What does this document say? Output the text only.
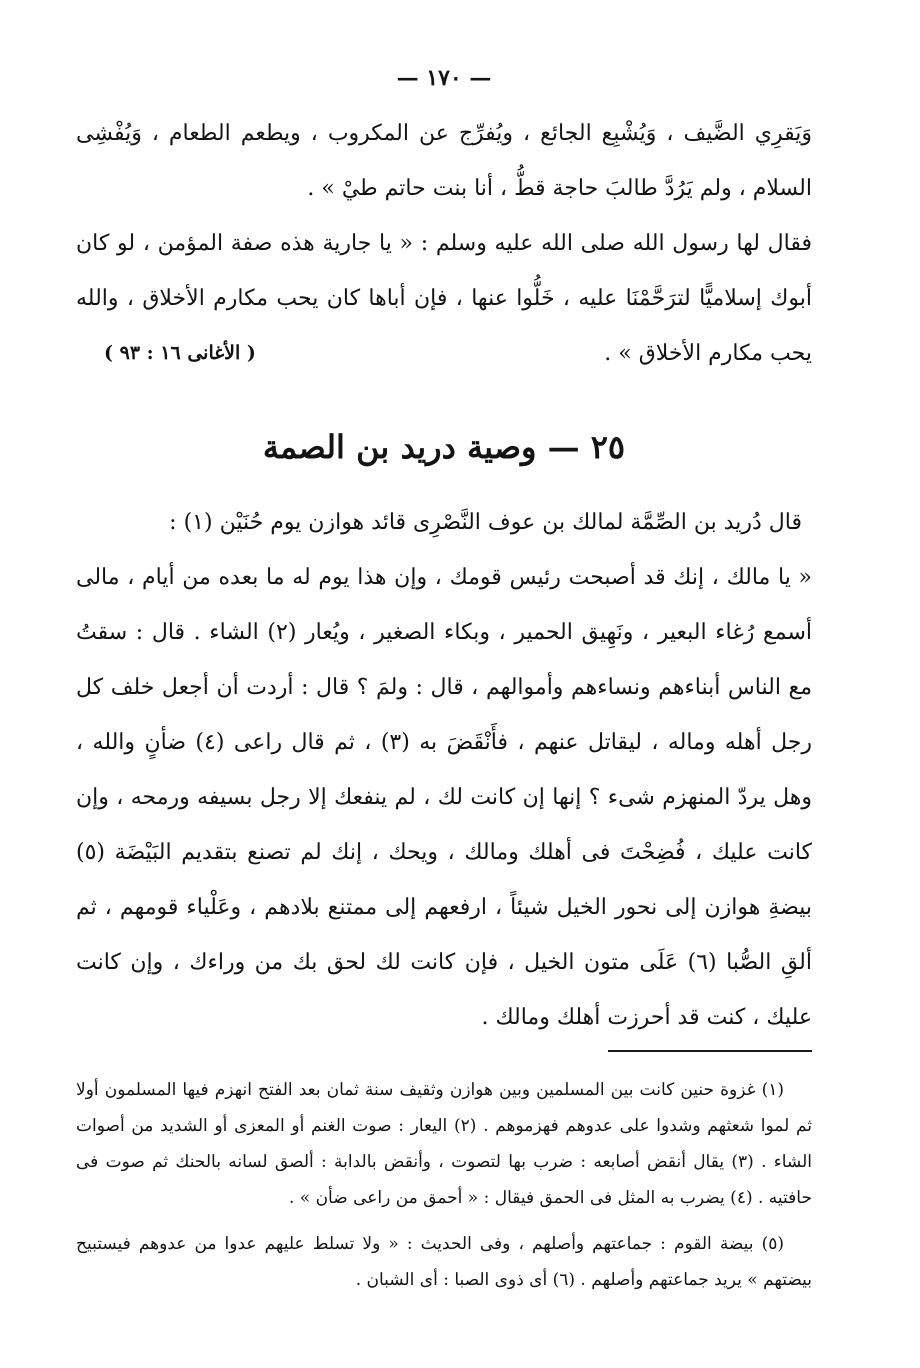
— ١٧٠ —

وَيَقرِي الضَّيف ، وَيُشْبِع الجائع ، ويُفرِّج عن المكروب ، ويطعم الطعام ، وَيُفْشِى السلام ، ولم يَرُدَّ طالبَ حاجة قطُّ ، أنا بنت حاتم طيْ » .

فقال لها رسول الله صلى الله عليه وسلم : « يا جارية هذه صفة المؤمن ، لو كان أبوك إسلاميًّا لترَحَّمْنَا عليه ، خَلُّوا عنها ، فإن أباها كان يحب مكارم الأخلاق ، والله يحب مكارم الأخلاق » .
( الأغانى ١٦ : ٩٣ )

٢٥ — وصية دريد بن الصمة

قال دُريد بن الصِّمَّة لمالك بن عوف النَّصْرِى قائد هوازن يوم حُنَيْن (١) :

« يا مالك ، إنك قد أصبحت رئيس قومك ، وإن هذا يوم له ما بعده من أيام ، مالى أسمع رُغاء البعير ، ونَهِيق الحمير ، وبكاء الصغير ، ويُعار (٢) الشاء . قال : سقتُ مع الناس أبناءهم ونساءهم وأموالهم ، قال : ولمَ ؟ قال : أردت أن أجعل خلف كل رجل أهله وماله ، ليقاتل عنهم ، فأَنْقَضَ به (٣) ، ثم قال راعى (٤) ضأنٍ والله ، وهل يردّ المنهزم شىء ؟ إنها إن كانت لك ، لم ينفعك إلا رجل بسيفه ورمحه ، وإن كانت عليك ، فُضِحْتَ فى أهلك ومالك ، ويحك ، إنك لم تصنع بتقديم البَيْضَة (٥) بيضةِ هوازن إلى نحور الخيل شيئاً ، ارفعهم إلى ممتنع بلادهم ، وعَلْياء قومهم ، ثم ألقِ الصُّبا (٦) عَلَى متون الخيل ، فإن كانت لك لحق بك من وراءك ، وإن كانت عليك ، كنت قد أحرزت أهلك ومالك .

(١) غزوة حنين كانت بين المسلمين وبين هوازن وثقيف سنة ثمان بعد الفتح انهزم فيها المسلمون أولا ثم لموا شعثهم وشدوا على عدوهم فهزموهم . (٢) اليعار : صوت الغنم أو المعزى أو الشديد من أصوات الشاء . (٣) يقال أنقض أصابعه : ضرب بها لتصوت ، وأنقض بالدابة : ألصق لسانه بالحنك ثم صوت فى حافتيه . (٤) يضرب به المثل فى الحمق فيقال : « أحمق من راعى ضأن » .

(٥) بيضة القوم : جماعتهم وأصلهم ، وفى الحديث : « ولا تسلط عليهم عدوا من عدوهم فيستبيح بيضتهم » يريد جماعتهم وأصلهم . (٦) أى ذوى الصبا : أى الشبان .
